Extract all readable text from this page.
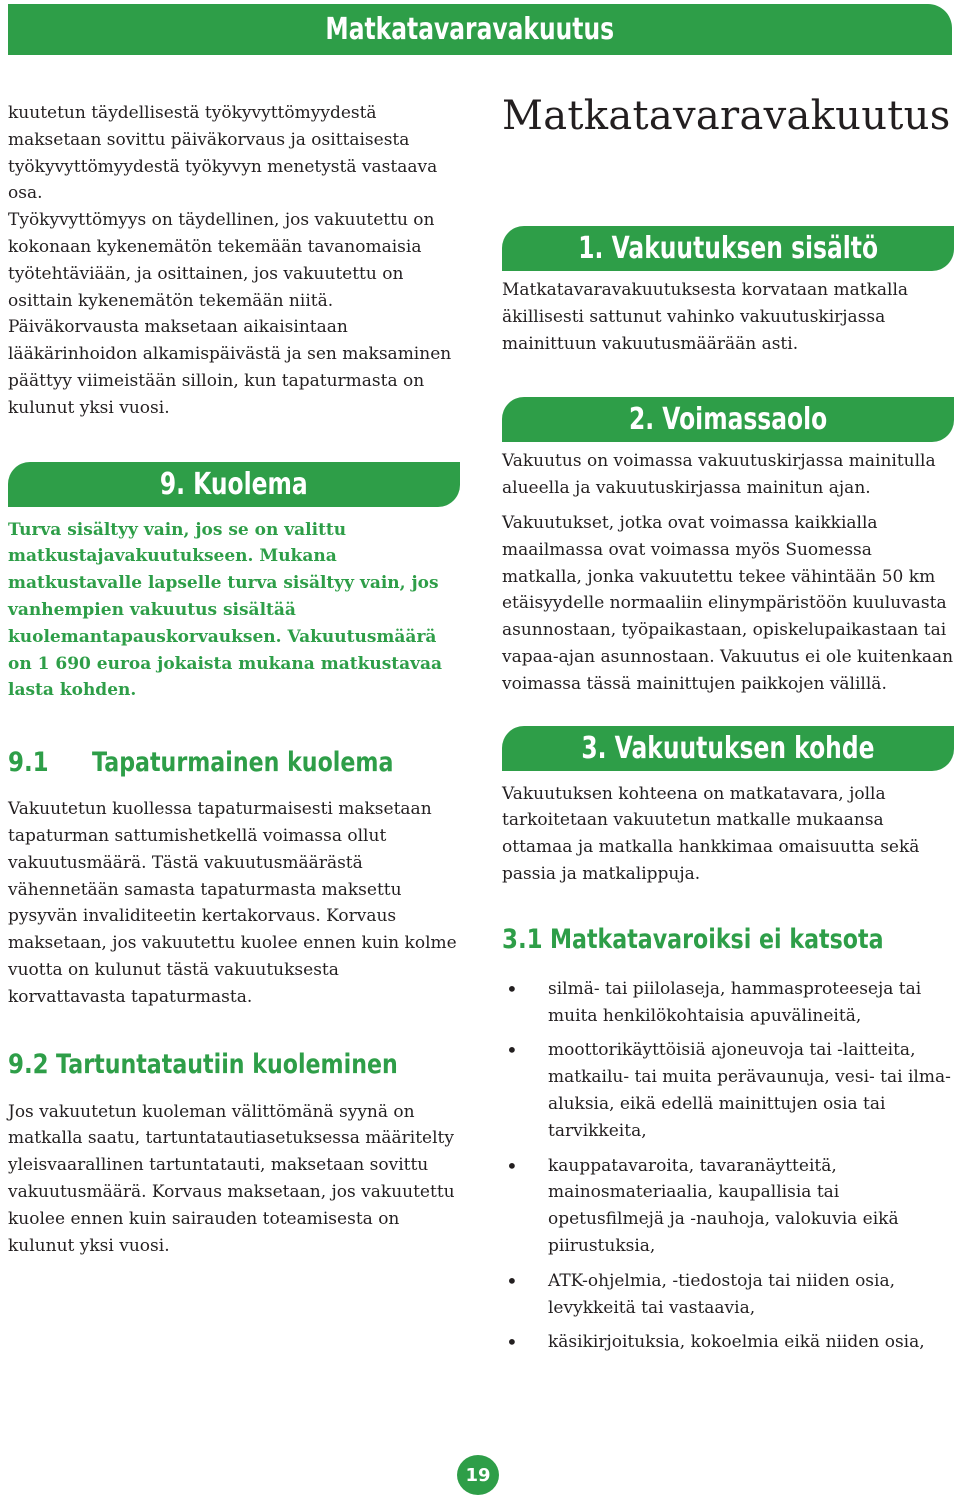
Matkatavaravakuutus

kuutetun täydellisestä työkyvyttömyydestä maksetaan sovittu päiväkorvaus ja osittaisesta työkyvyttömyydestä työkyvyn menetystä vastaava osa.

Työkyvyttömyys on täydellinen, jos vakuutettu on kokonaan kykenemätön tekemään tavanomaisia työtehtäviään, ja osittainen, jos vakuutettu on osittain kykenemätön tekemään niitä.

Päiväkorvausta maksetaan aikaisintaan lääkärinhoidon alkamispäivästä ja sen maksaminen päättyy viimeistään silloin, kun tapaturmasta on kulunut yksi vuosi.

9. Kuolema

Turva sisältyy vain, jos se on valittu matkustajavakuutukseen. Mukana matkustavalle lapselle turva sisältyy vain, jos vanhempien vakuutus sisältää kuolemantapauskorvauksen. Vakuutusmäärä on 1 690 euroa jokaista mukana matkustavaa lasta kohden.

9.1	Tapaturmainen kuolema

Vakuutetun kuollessa tapaturmaisesti maksetaan tapaturman sattumishetkellä voimassa ollut vakuutusmäärä. Tästä vakuutusmäärästä vähennetään samasta tapaturmasta maksettu pysyvän invaliditeetin kertakorvaus. Korvaus maksetaan, jos vakuutettu kuolee ennen kuin kolme vuotta on kulunut tästä vakuutuksesta korvattavasta tapaturmasta.

9.2 Tartuntatautiin kuoleminen

Jos vakuutetun kuoleman välittömänä syynä on matkalla saatu, tartuntatautiasetuksessa määritelty yleisvaarallinen tartuntatauti, maksetaan sovittu vakuutusmäärä. Korvaus maksetaan, jos vakuutettu kuolee ennen kuin sairauden toteamisesta on kulunut yksi vuosi.

Matkatavaravakuutus
1. Vakuutuksen sisältö

Matkatavaravakuutuksesta korvataan matkalla äkillisesti sattunut vahinko vakuutuskirjassa mainittuun vakuutusmäärään asti.

2. Voimassaolo

Vakuutus on voimassa vakuutuskirjassa mainitulla alueella ja vakuutuskirjassa mainitun ajan.

Vakuutukset, jotka ovat voimassa kaikkialla maailmassa ovat voimassa myös Suomessa matkalla, jonka vakuutettu tekee vähintään 50 km etäisyydelle normaaliin elinympäristöön kuuluvasta asunnostaan, työpaikastaan, opiskelupaikastaan tai vapaa-ajan asunnostaan. Vakuutus ei ole kuitenkaan voimassa tässä mainittujen paikkojen välillä.

3. Vakuutuksen kohde

Vakuutuksen kohteena on matkatavara, jolla tarkoitetaan vakuutetun matkalle mukaansa ottamaa ja matkalla hankkimaa omaisuutta sekä passia ja matkalippuja.

3.1 Matkatavaroiksi ei katsota
• silmä- tai piilolaseja, hammasproteeseja tai muita henkilökohtaisia apuvälineitä,
• moottorikäyttöisiä ajoneuvoja tai -laitteita, matkailu- tai muita perävaunuja, vesi- tai ilma-aluksia, eikä edellä mainittujen osia tai tarvikkeita,
• kauppatavaroita, tavaranäytteitä, mainosmateriaalia, kaupallisia tai opetusfilmejä ja -nauhoja, valokuvia eikä piirustuksia,
• ATK-ohjelmia, -tiedostoja tai niiden osia, levykkeitä tai vastaavia,
• käsikirjoituksia, kokoelmia eikä niiden osia,
19
